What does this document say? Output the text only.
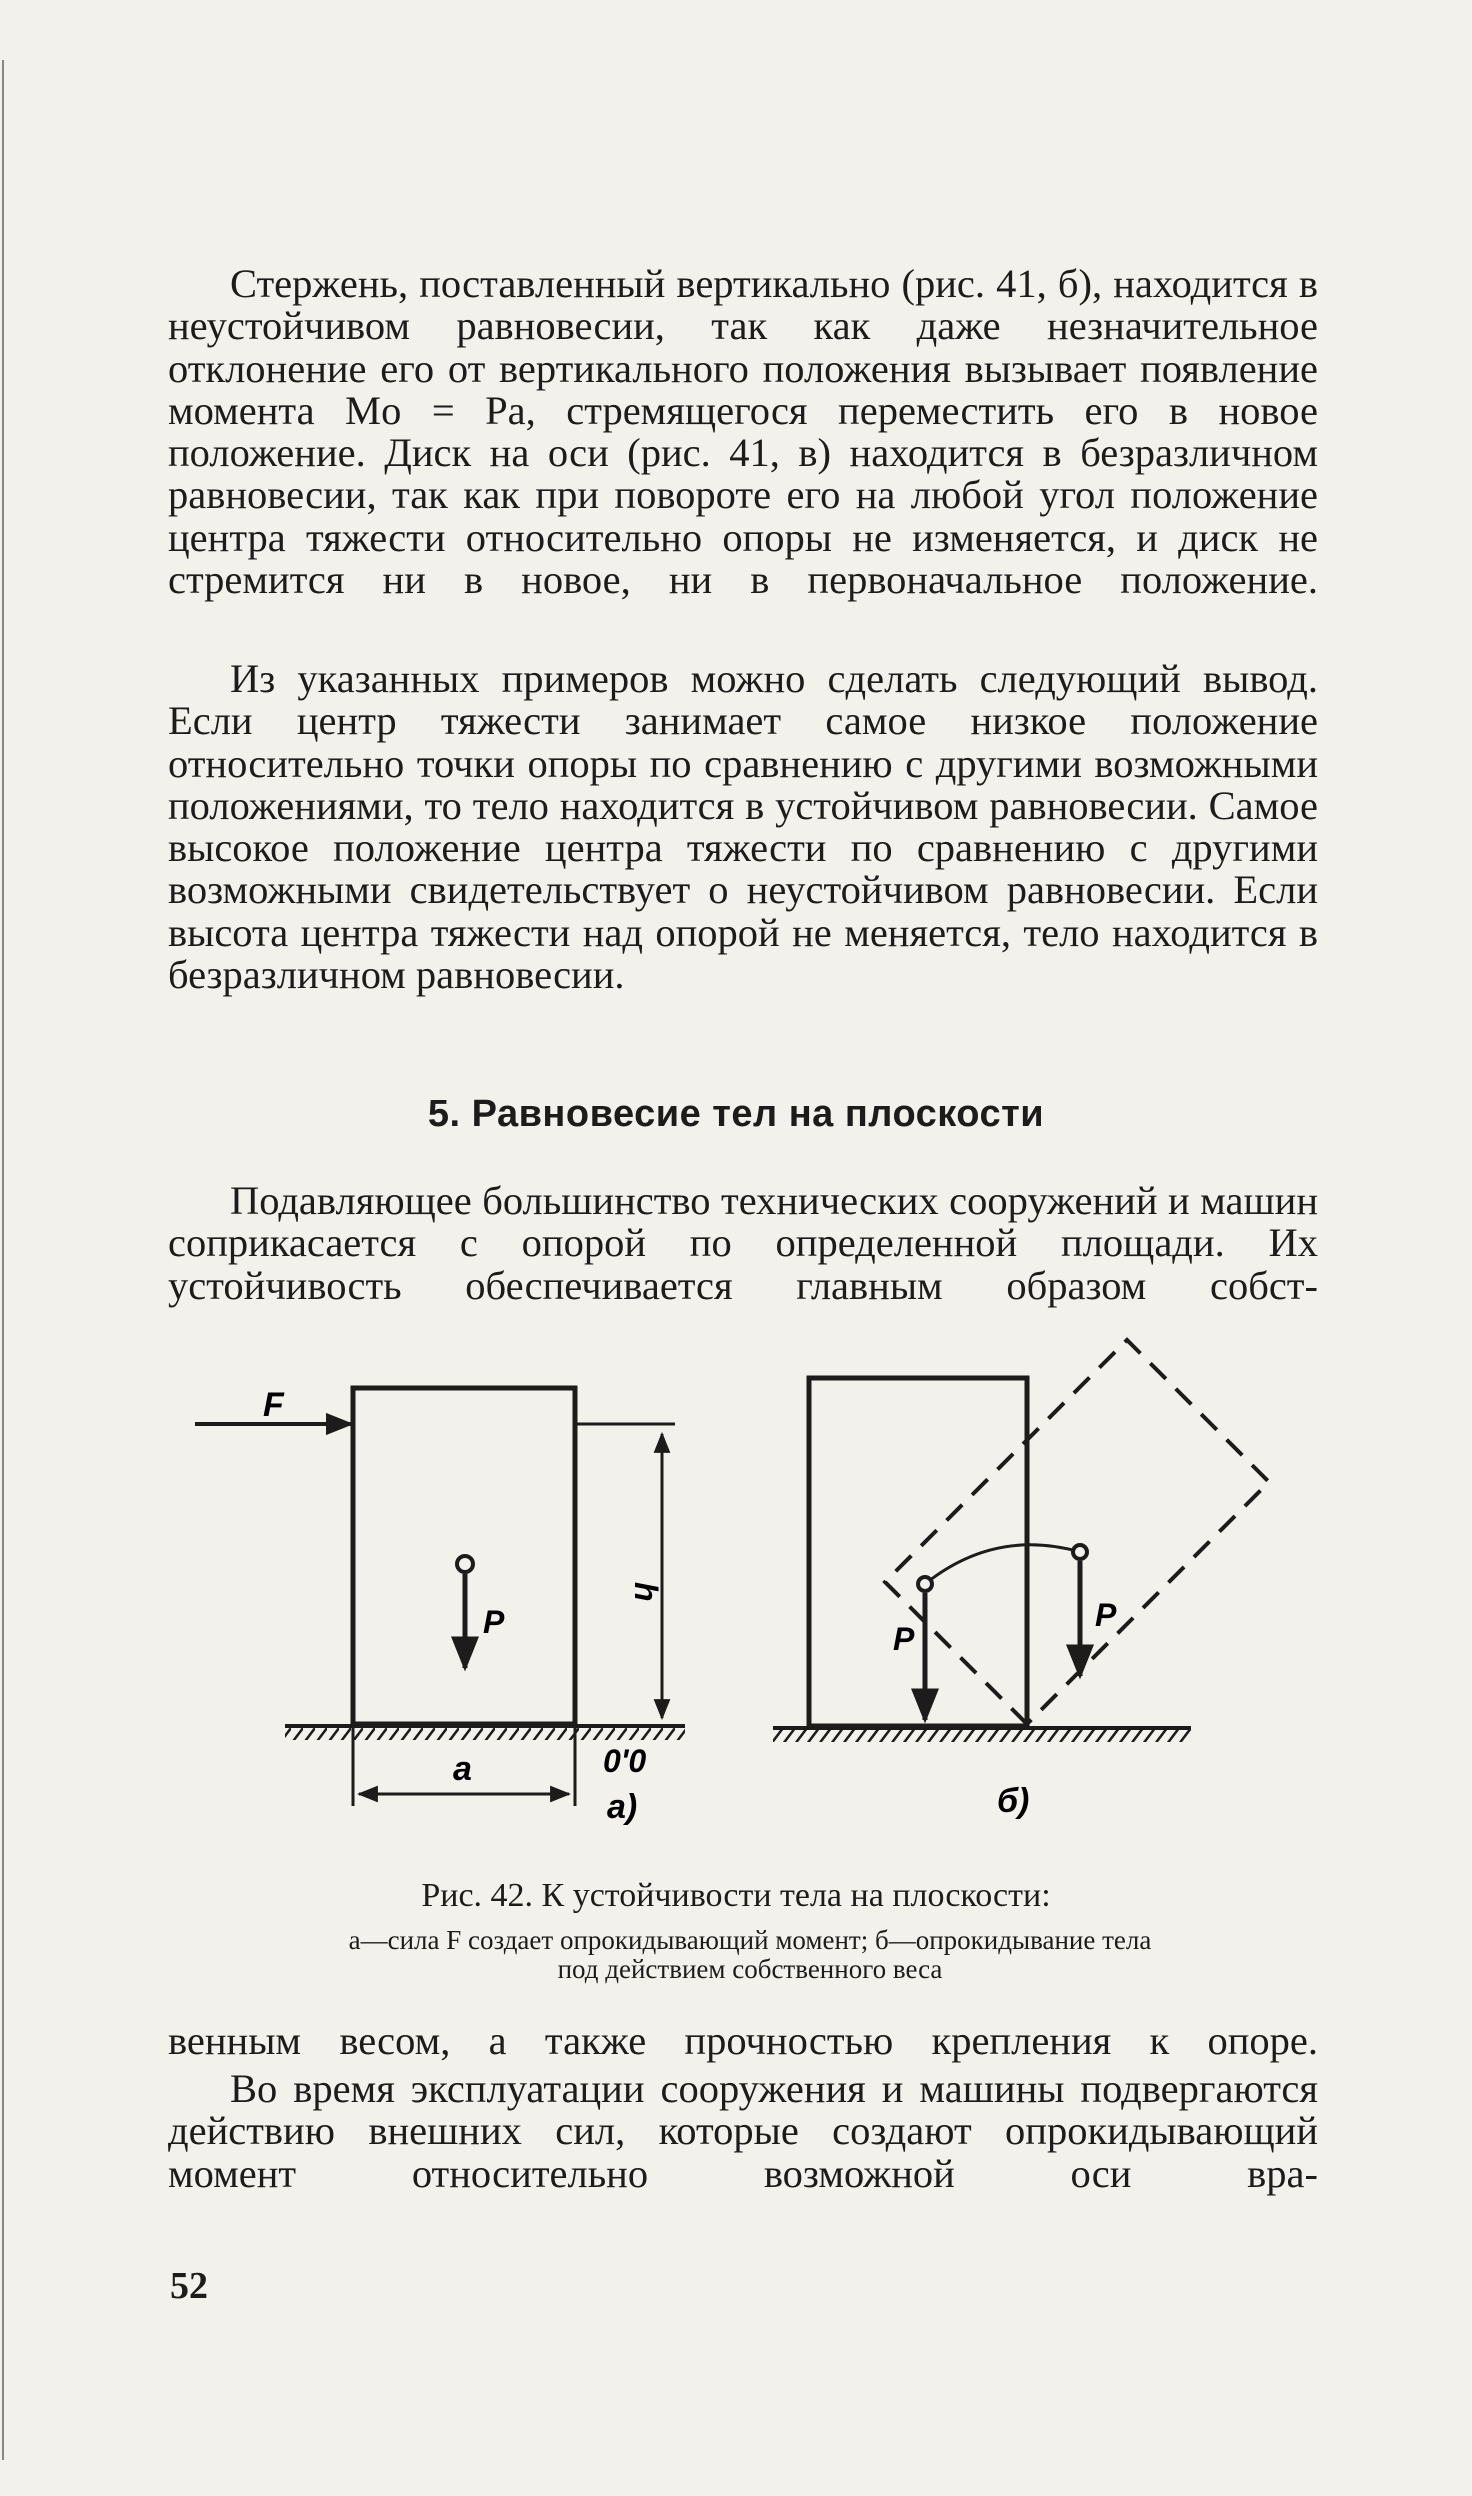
Стержень, поставленный вертикально (рис. 41, б), находится в неустойчивом равновесии, так как даже незначительное отклонение его от вертикального положения вызывает появление момента Mо = Pa, стремящегося переместить его в новое положение. Диск на оси (рис. 41, в) находится в безразличном равновесии, так как при повороте его на любой угол положение центра тяжести относительно опоры не изменяется, и диск не стремится ни в новое, ни в первоначальное положение.

Из указанных примеров можно сделать следующий вывод. Если центр тяжести занимает самое низкое положение относительно точки опоры по сравнению с другими возможными положениями, то тело находится в устойчивом равновесии. Самое высокое положение центра тяжести по сравнению с другими возможными свидетельствует о неустойчивом равновесии. Если высота центра тяжести над опорой не меняется, тело находится в безразличном равновесии.

5. Равновесие тел на плоскости

Подавляющее большинство технических сооружений и машин соприкасается с опорой по определенной площади. Их устойчивость обеспечивается главным образом собст-

F
h
P
a	0'0
а)
P
P
б)

Рис. 42. К устойчивости тела на плоскости:

а—сила F создает опрокидывающий момент; б—опрокидывание тела

под действием собственного веса

венным весом, а также прочностью крепления к опоре.

Во время эксплуатации сооружения и машины подвергаются действию внешних сил, которые создают опрокидывающий момент относительно возможной оси вра-

52
